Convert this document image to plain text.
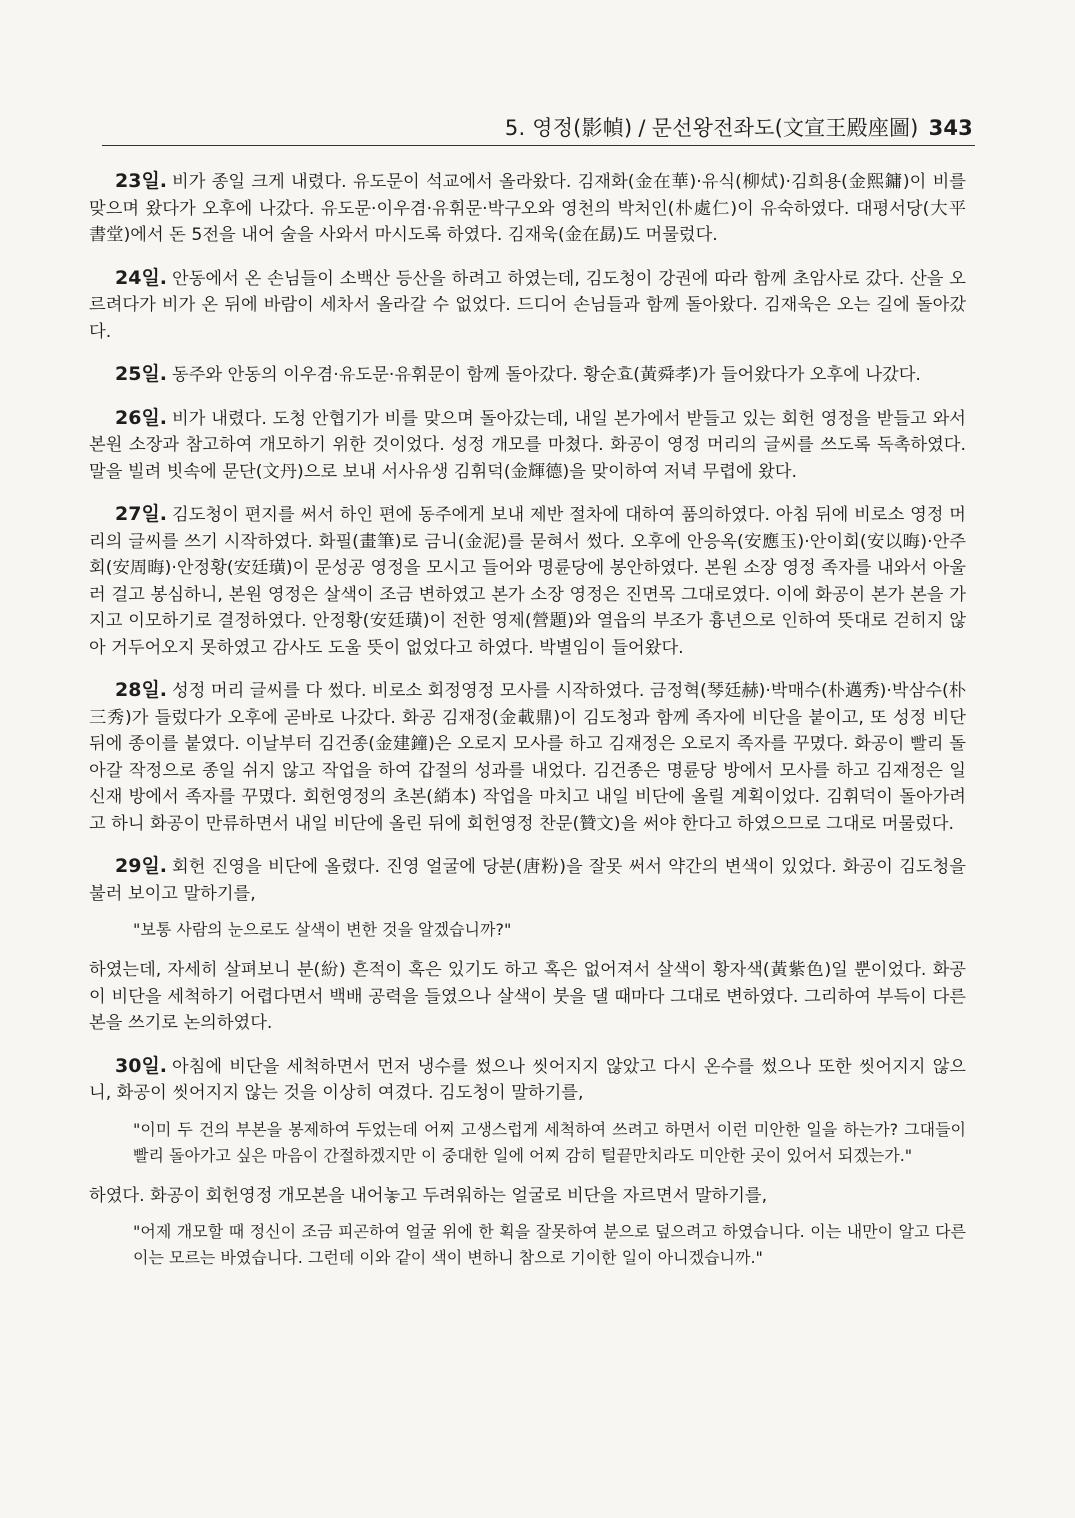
5. 영정(影幀) / 문선왕전좌도(文宣王殿座圖) 343

23일. 비가 종일 크게 내렸다. 유도문이 석교에서 올라왔다. 김재화(金在華)·유식(柳烒)·김희용(金熙鏞)이 비를 맞으며 왔다가 오후에 나갔다. 유도문·이우겸·유휘문·박구오와 영천의 박처인(朴處仁)이 유숙하였다. 대평서당(大平書堂)에서 돈 5전을 내어 술을 사와서 마시도록 하였다. 김재욱(金在勗)도 머물렀다.

24일. 안동에서 온 손님들이 소백산 등산을 하려고 하였는데, 김도청이 강권에 따라 함께 초암사로 갔다. 산을 오르려다가 비가 온 뒤에 바람이 세차서 올라갈 수 없었다. 드디어 손님들과 함께 돌아왔다. 김재욱은 오는 길에 돌아갔다.

25일. 동주와 안동의 이우겸·유도문·유휘문이 함께 돌아갔다. 황순효(黃舜孝)가 들어왔다가 오후에 나갔다.

26일. 비가 내렸다. 도청 안협기가 비를 맞으며 돌아갔는데, 내일 본가에서 받들고 있는 회헌 영정을 받들고 와서 본원 소장과 참고하여 개모하기 위한 것이었다. 성정 개모를 마쳤다. 화공이 영정 머리의 글씨를 쓰도록 독촉하였다. 말을 빌려 빗속에 문단(文丹)으로 보내 서사유생 김휘덕(金輝德)을 맞이하여 저녁 무렵에 왔다.

27일. 김도청이 편지를 써서 하인 편에 동주에게 보내 제반 절차에 대하여 품의하였다. 아침 뒤에 비로소 영정 머리의 글씨를 쓰기 시작하였다. 화필(畫筆)로 금니(金泥)를 묻혀서 썼다. 오후에 안응옥(安應玉)·안이회(安以晦)·안주회(安周晦)·안정황(安廷璜)이 문성공 영정을 모시고 들어와 명륜당에 봉안하였다. 본원 소장 영정 족자를 내와서 아울러 걸고 봉심하니, 본원 영정은 살색이 조금 변하였고 본가 소장 영정은 진면목 그대로였다. 이에 화공이 본가 본을 가지고 이모하기로 결정하였다. 안정황(安廷璜)이 전한 영제(營題)와 열읍의 부조가 흉년으로 인하여 뜻대로 걷히지 않아 거두어오지 못하였고 감사도 도울 뜻이 없었다고 하였다. 박별임이 들어왔다.

28일. 성정 머리 글씨를 다 썼다. 비로소 회정영정 모사를 시작하였다. 금정혁(琴廷赫)·박매수(朴邁秀)·박삼수(朴三秀)가 들렀다가 오후에 곧바로 나갔다. 화공 김재정(金載鼎)이 김도청과 함께 족자에 비단을 붙이고, 또 성정 비단 뒤에 종이를 붙였다. 이날부터 김건종(金建鐘)은 오로지 모사를 하고 김재정은 오로지 족자를 꾸몄다. 화공이 빨리 돌아갈 작정으로 종일 쉬지 않고 작업을 하여 갑절의 성과를 내었다. 김건종은 명륜당 방에서 모사를 하고 김재정은 일신재 방에서 족자를 꾸몄다. 회헌영정의 초본(綃本) 작업을 마치고 내일 비단에 올릴 계획이었다. 김휘덕이 돌아가려고 하니 화공이 만류하면서 내일 비단에 올린 뒤에 회헌영정 찬문(贊文)을 써야 한다고 하였으므로 그대로 머물렀다.

29일. 회헌 진영을 비단에 올렸다. 진영 얼굴에 당분(唐粉)을 잘못 써서 약간의 변색이 있었다. 화공이 김도청을 불러 보이고 말하기를,

"보통 사람의 눈으로도 살색이 변한 것을 알겠습니까?"

하였는데, 자세히 살펴보니 분(紛) 흔적이 혹은 있기도 하고 혹은 없어져서 살색이 황자색(黃紫色)일 뿐이었다. 화공이 비단을 세척하기 어렵다면서 백배 공력을 들였으나 살색이 붓을 댈 때마다 그대로 변하였다. 그리하여 부득이 다른 본을 쓰기로 논의하였다.

30일. 아침에 비단을 세척하면서 먼저 냉수를 썼으나 씻어지지 않았고 다시 온수를 썼으나 또한 씻어지지 않으니, 화공이 씻어지지 않는 것을 이상히 여겼다. 김도청이 말하기를,

"이미 두 건의 부본을 봉제하여 두었는데 어찌 고생스럽게 세척하여 쓰려고 하면서 이런 미안한 일을 하는가? 그대들이 빨리 돌아가고 싶은 마음이 간절하겠지만 이 중대한 일에 어찌 감히 털끝만치라도 미안한 곳이 있어서 되겠는가."

하였다. 화공이 회헌영정 개모본을 내어놓고 두려워하는 얼굴로 비단을 자르면서 말하기를,

"어제 개모할 때 정신이 조금 피곤하여 얼굴 위에 한 획을 잘못하여 분으로 덮으려고 하였습니다. 이는 내만이 알고 다른 이는 모르는 바였습니다. 그런데 이와 같이 색이 변하니 참으로 기이한 일이 아니겠습니까."
